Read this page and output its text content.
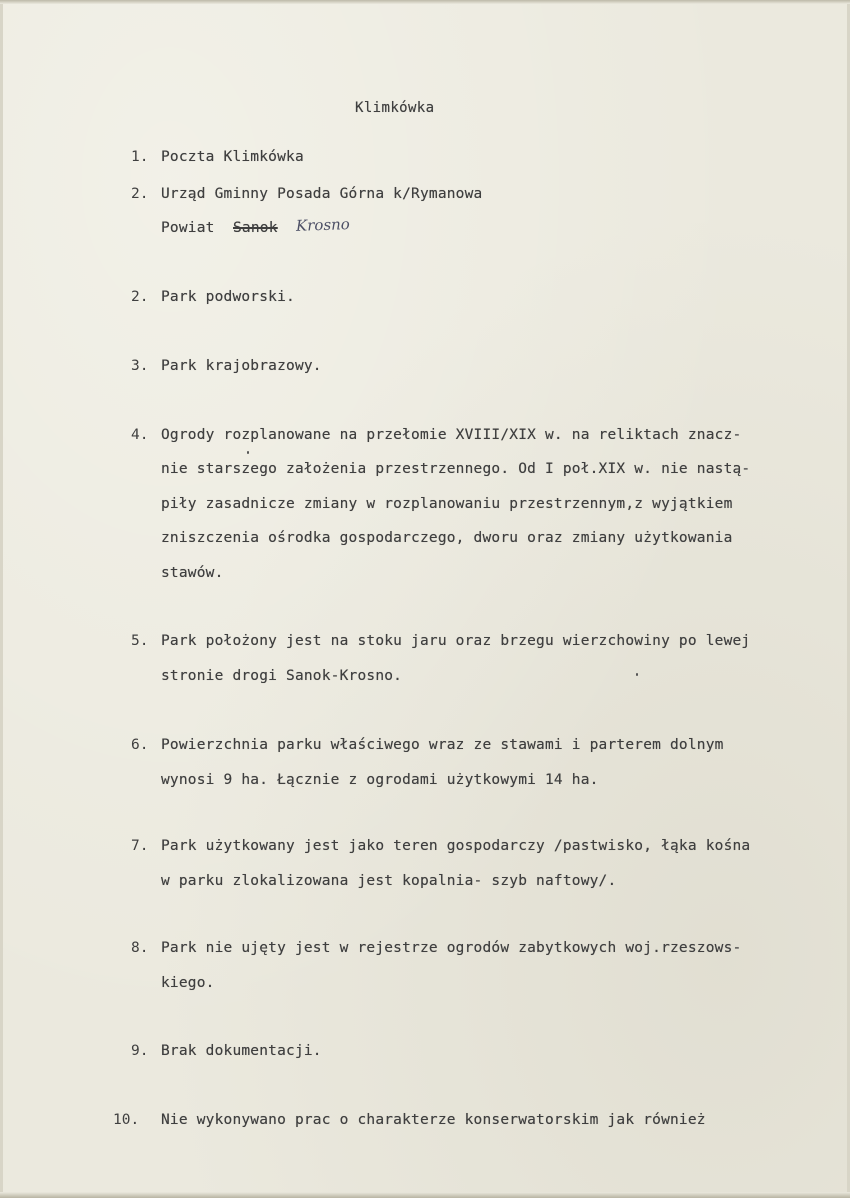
Klimkówka
1. Poczta Klimkówka
2. Urząd Gminny Posada Górna k/Rymanowa
Powiat Sanok Krosno
2. Park podworski.
3. Park krajobrazowy.
4. Ogrody rozplanowane na przełomie XVIII/XIX w. na reliktach znacz-
nie starszego założenia przestrzennego. Od I poł.XIX w. nie nastą-
piły zasadnicze zmiany w rozplanowaniu przestrzennym,z wyjątkiem
zniszczenia ośrodka gospodarczego, dworu oraz zmiany użytkowania
stawów.
5. Park położony jest na stoku jaru oraz brzegu wierzchowiny po lewej
stronie drogi Sanok-Krosno.
6. Powierzchnia parku właściwego wraz ze stawami i parterem dolnym
wynosi 9 ha. Łącznie z ogrodami użytkowymi 14 ha.
7. Park użytkowany jest jako teren gospodarczy /pastwisko, łąka kośna
w parku zlokalizowana jest kopalnia- szyb naftowy/.
8. Park nie ujęty jest w rejestrze ogrodów zabytkowych woj.rzeszows-
kiego.
9. Brak dokumentacji.
10. Nie wykonywano prac o charakterze konserwatorskim jak również
